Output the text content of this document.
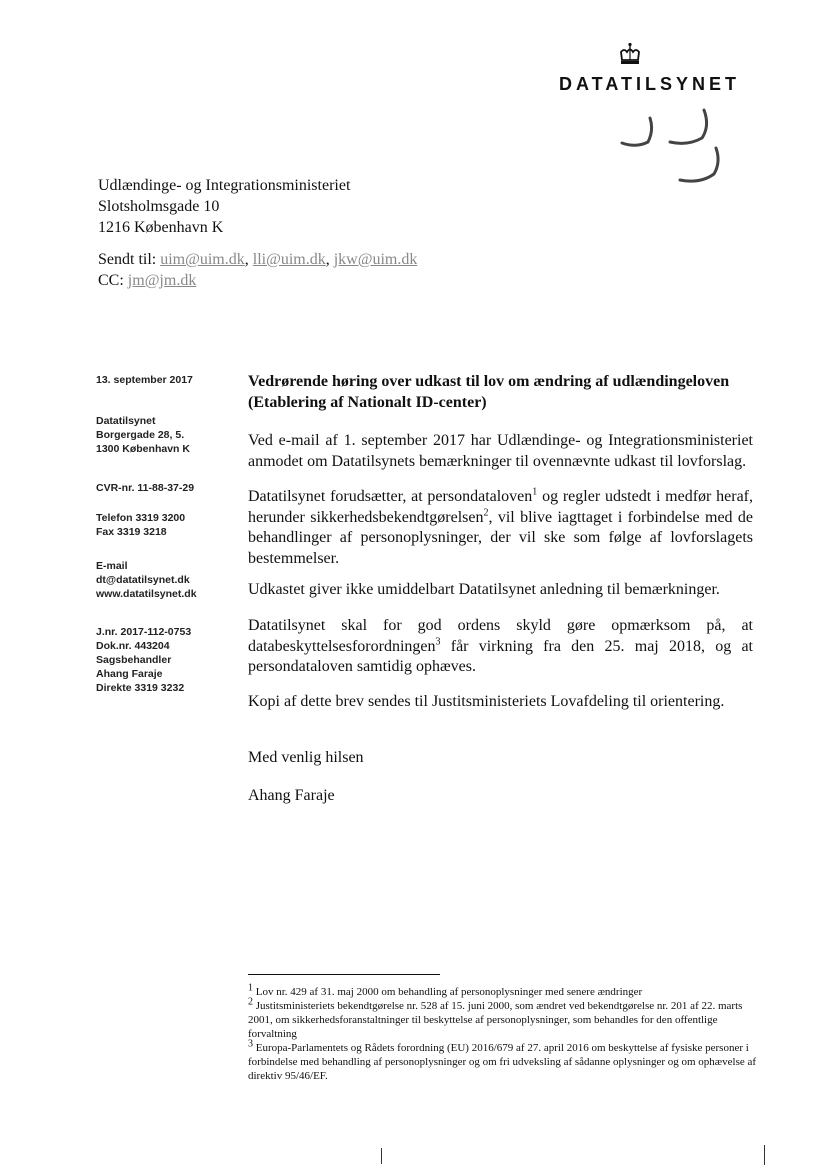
DATATILSYNET
Udlændinge- og Integrationsministeriet
Slotsholmsgade 10
1216 København K
Sendt til: uim@uim.dk, lli@uim.dk, jkw@uim.dk
CC: jm@jm.dk
13. september 2017
Datatilsynet
Borgergade 28, 5.
1300 København K
CVR-nr. 11-88-37-29
Telefon 3319 3200
Fax 3319 3218
E-mail
dt@datatilsynet.dk
www.datatilsynet.dk
J.nr. 2017-112-0753
Dok.nr. 443204
Sagsbehandler
Ahang Faraje
Direkte 3319 3232
Vedrørende høring over udkast til lov om ændring af udlændingeloven (Etablering af Nationalt ID-center)
Ved e-mail af 1. september 2017 har Udlændinge- og Integrationsministeriet anmodet om Datatilsynets bemærkninger til ovennævnte udkast til lovforslag.
Datatilsynet forudsætter, at persondataloven$^1$ og regler udstedt i medfør heraf, herunder sikkerhedsbekendtgørelsen$^2$, vil blive iagttaget i forbindelse med de behandlinger af personoplysninger, der vil ske som følge af lovforslagets bestemmelser.
Udkastet giver ikke umiddelbart Datatilsynet anledning til bemærkninger.
Datatilsynet skal for god ordens skyld gøre opmærksom på, at databeskyttelsesforordningen$^3$ får virkning fra den 25. maj 2018, og at persondataloven samtidig ophæves.
Kopi af dette brev sendes til Justitsministeriets Lovafdeling til orientering.
Med venlig hilsen
Ahang Faraje

$^1$ Lov nr. 429 af 31. maj 2000 om behandling af personoplysninger med senere ændringer

$^2$ Justitsministeriets bekendtgørelse nr. 528 af 15. juni 2000, som ændret ved bekendtgørelse nr. 201 af 22. marts 2001, om sikkerhedsforanstaltninger til beskyttelse af personoplysninger, som behandles for den offentlige forvaltning

$^3$ Europa-Parlamentets og Rådets forordning (EU) 2016/679 af 27. april 2016 om beskyttelse af fysiske personer i forbindelse med behandling af personoplysninger og om fri udveksling af sådanne oplysninger og om ophævelse af direktiv 95/46/EF.
